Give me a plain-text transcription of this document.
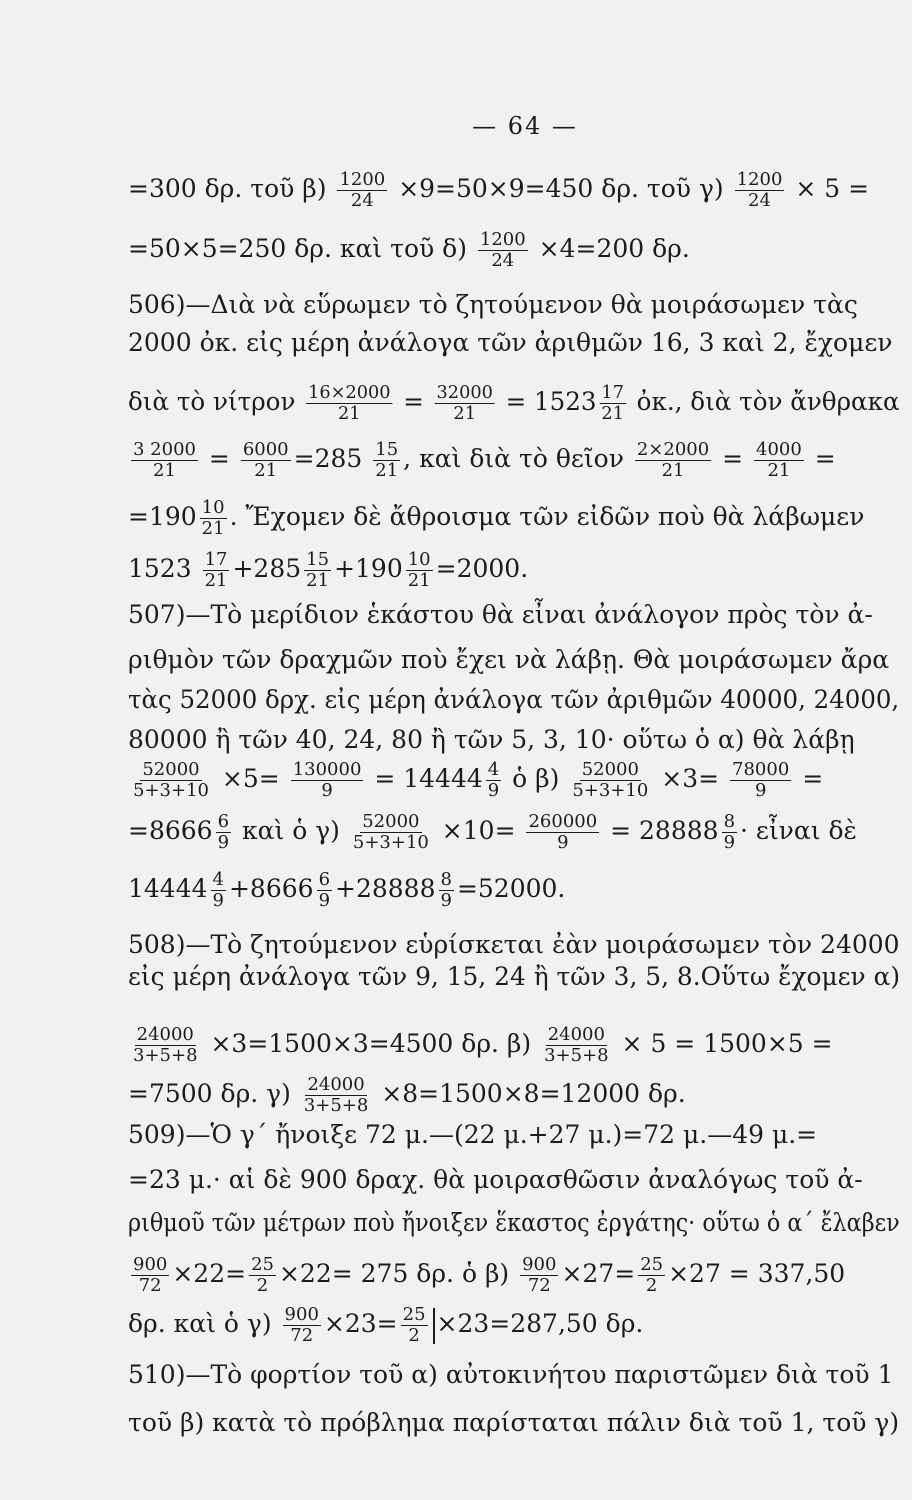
— 64 —
=300 δρ. τοῦ $\beta) \frac{1200}{24} \times 9=50\times 9=450$ δρ. τοῦ $\gamma) \frac{1200}{24} \times 5$ =
=50×5=250 δρ. καὶ τοῦ $\delta) \frac{1200}{24} \times 4=200$ δρ.
506)—Διὰ νὰ εὕρωμεν τὸ ζητούμενον θὰ μοιράσωμεν τὰς
2000 ὀκ. εἰς μέρη ἀνάλογα τῶν ἀριθμῶν 16, 3 καὶ 2, ἔχομεν
διὰ τὸ νίτρον $\frac{16\times 2000}{21} = \frac{32000}{21} = 1523 \frac{17}{21}$ ὀκ., διὰ τὸν ἄνθρακα
$\frac{3 2000}{21} = \frac{6000}{21} =285 \frac{15}{21}$ , καὶ διὰ τὸ θεῖον $\frac{2\times 2000}{21} = \frac{4000}{21}$ =
$=190 \frac{10}{21}$ . Ἔχομεν δὲ ἄθροισμα τῶν εἰδῶν ποὺ θὰ λάβωμεν
$1523 \frac{17}{21} +285 \frac{15}{21} +190 \frac{10}{21} =2000$.
507)—Τὸ μερίδιον ἑκάστου θὰ εἶναι ἀνάλογον πρὸς τὸν ἀ-
ριθμὸν τῶν δραχμῶν ποὺ ἔχει νὰ λάβῃ. Θὰ μοιράσωμεν ἄρα
τὰς 52000 δρχ. εἰς μέρη ἀνάλογα τῶν ἀριθμῶν 40000, 24000,
80000 ἢ τῶν 40, 24, 80 ἢ τῶν 5, 3, 10· οὕτω ὁ α) θὰ λάβῃ
$\frac{52000}{5+3+10} \times 5= \frac{130000}{9} = 14444 \frac{4}{9}$ ὁ $\beta) \frac{52000}{5+3+10} \times 3= \frac{78000}{9}$ =
$=8666 \frac{6}{9}$ καὶ ὁ $\gamma) \frac{52000}{5+3+10} \times 10= \frac{260000}{9} = 28888 \frac{8}{9}$ · εἶναι δὲ
$14444 \frac{4}{9} +8666 \frac{6}{9} +28888 \frac{8}{9} =52000$.
508)—Τὸ ζητούμενον εὑρίσκεται ἐὰν μοιράσωμεν τὸν 24000
εἰς μέρη ἀνάλογα τῶν 9, 15, 24 ἢ τῶν 3, 5, 8.Οὕτω ἔχομεν α)
$\frac{24000}{3+5+8} \times 3=1500\times 3=4500$ δρ. $\beta) \frac{24000}{3+5+8} \times 5 = 1500\times 5$ =
=7500 δρ. $\gamma) \frac{24000}{3+5+8} \times 8=1500\times 8=12000$ δρ.
509)—Ὁ γ΄ ἤνοιξε 72 μ.—(22 μ.+27 μ.)=72 μ.—49 μ.=
=23 μ.· αἱ δὲ 900 δραχ. θὰ μοιρασθῶσιν ἀναλόγως τοῦ ἀ-
ριθμοῦ τῶν μέτρων ποὺ ἤνοιξεν ἕκαστος ἐργάτης· οὕτω ὁ α΄ ἔλαβεν
$\frac{900}{72} \times 22= \frac{25}{2} \times 22= 275$ δρ. ὁ $\beta) \frac{900}{72} \times 27= \frac{25}{2} \times 27 = 337,50$
δρ. καὶ ὁ $\gamma) \frac{900}{72} \times 23= \frac{25}{2} \times 23=287,50$ δρ.
510)—Τὸ φορτίον τοῦ α) αὐτοκινήτου παριστῶμεν διὰ τοῦ 1
τοῦ β) κατὰ τὸ πρόβλημα παρίσταται πάλιν διὰ τοῦ 1, τοῦ γ)
